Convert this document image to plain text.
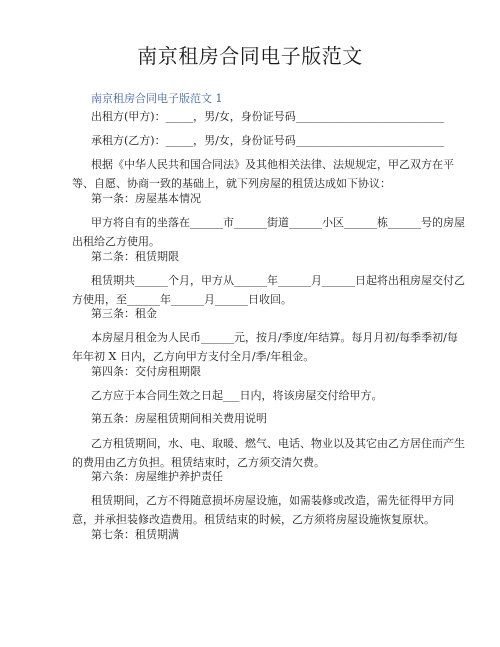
南京租房合同电子版范文
南京租房合同电子版范文 1
出租方(甲方)：_____，男/女，身份证号码___________________________
承租方(乙方)：_____，男/女，身份证号码___________________________
根据《中华人民共和国合同法》及其他相关法律、法规规定，甲乙双方在平
等、自愿、协商一致的基础上，就下列房屋的租赁达成如下协议：
第一条：房屋基本情况
甲方将自有的坐落在______市______街道______小区______栋______号的房屋
出租给乙方使用。
第二条：租赁期限
租赁期共______个月，甲方从______年______月______日起将出租房屋交付乙
方使用，至______年______月______日收回。
第三条：租金
本房屋月租金为人民币______元，按月/季度/年结算。每月月初/每季季初/每
年年初 X 日内，乙方向甲方支付全月/季/年租金。
第四条：交付房租期限
乙方应于本合同生效之日起___日内，将该房屋交付给甲方。
第五条：房屋租赁期间相关费用说明
乙方租赁期间，水、电、取暖、燃气、电话、物业以及其它由乙方居住而产生
的费用由乙方负担。租赁结束时，乙方须交清欠费。
第六条：房屋维护养护责任
租赁期间，乙方不得随意损坏房屋设施，如需装修或改造，需先征得甲方同
意，并承担装修改造费用。租赁结束的时候，乙方须将房屋设施恢复原状。
第七条：租赁期满
